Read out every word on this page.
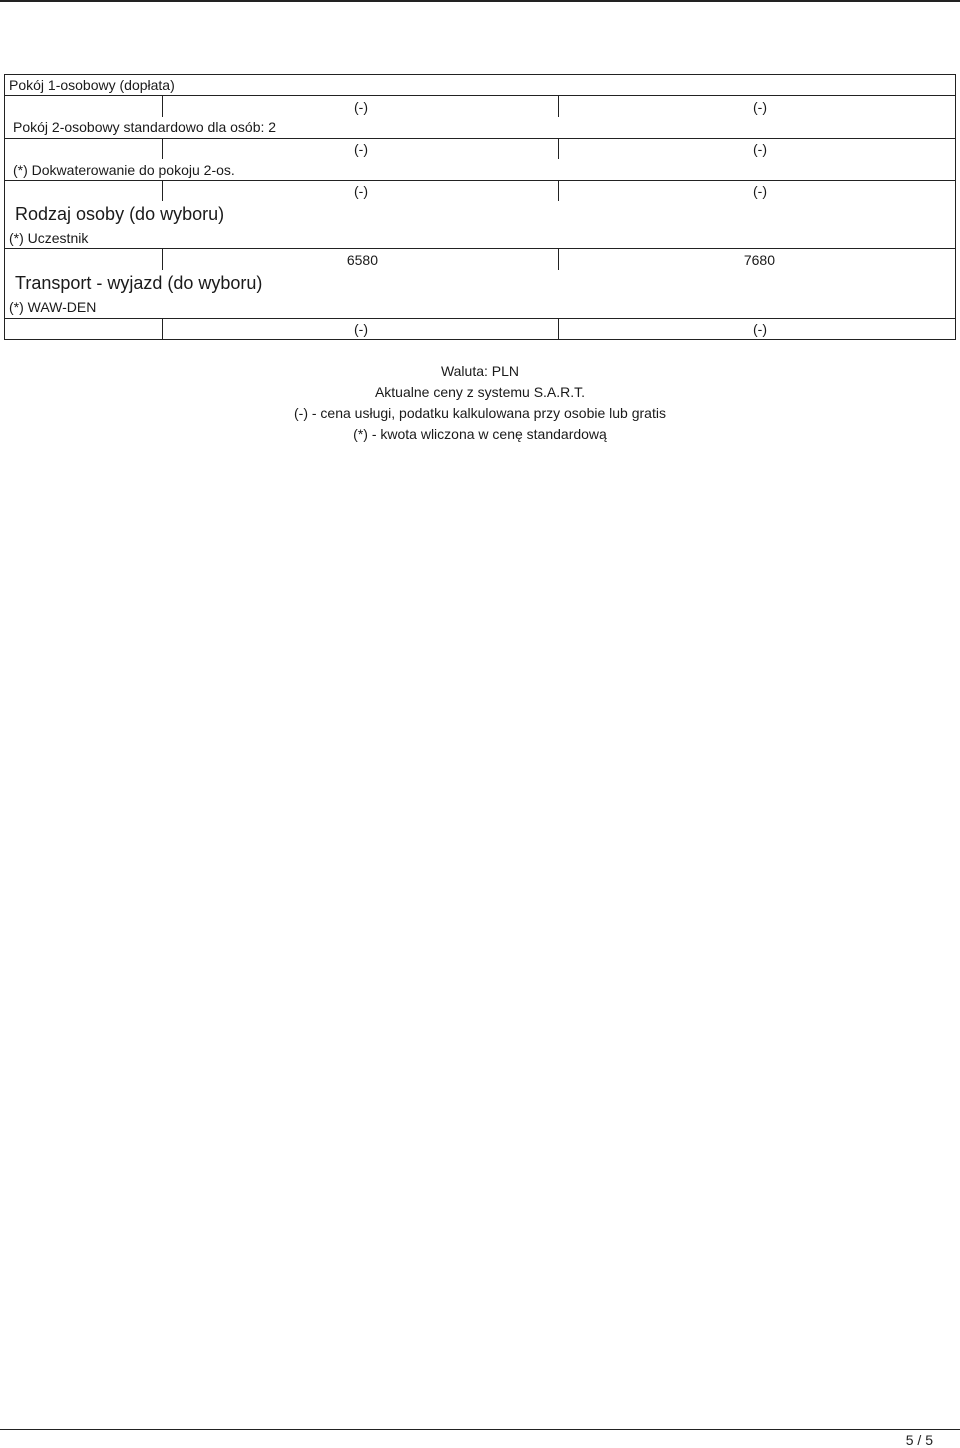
Pokój 1-osobowy (dopłata)
Pokój 2-osobowy standardowo dla osób: 2
(*) Dokwaterowanie do pokoju 2-os.
Rodzaj osoby (do wyboru)
(*) Uczestnik
Transport - wyjazd (do wyboru)
(*) WAW-DEN
(-)
(-)
(-)
6580
(-)
(-)
(-)
(-)
7680
(-)
Waluta: PLN
Aktualne ceny z systemu S.A.R.T.
(-) - cena usługi, podatku kalkulowana przy osobie lub gratis
(*) - kwota wliczona w cenę standardową
5 / 5
